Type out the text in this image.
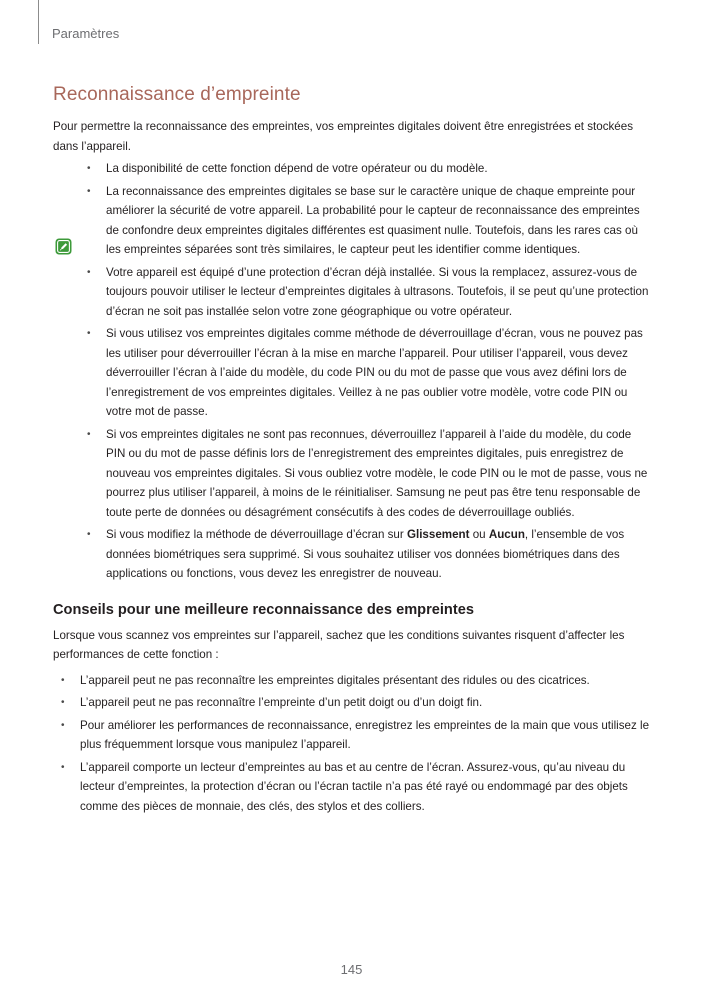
Paramètres
Reconnaissance d’empreinte

Pour permettre la reconnaissance des empreintes, vos empreintes digitales doivent être enregistrées et stockées dans l’appareil.

• La disponibilité de cette fonction dépend de votre opérateur ou du modèle.
• La reconnaissance des empreintes digitales se base sur le caractère unique de chaque empreinte pour améliorer la sécurité de votre appareil. La probabilité pour le capteur de reconnaissance des empreintes de confondre deux empreintes digitales différentes est quasiment nulle. Toutefois, dans les rares cas où les empreintes séparées sont très similaires, le capteur peut les identifier comme identiques.
• Votre appareil est équipé d’une protection d’écran déjà installée. Si vous la remplacez, assurez-vous de toujours pouvoir utiliser le lecteur d’empreintes digitales à ultrasons. Toutefois, il se peut qu’une protection d’écran ne soit pas installée selon votre zone géographique ou votre opérateur.
• Si vous utilisez vos empreintes digitales comme méthode de déverrouillage d’écran, vous ne pouvez pas les utiliser pour déverrouiller l’écran à la mise en marche l’appareil. Pour utiliser l’appareil, vous devez déverrouiller l’écran à l’aide du modèle, du code PIN ou du mot de passe que vous avez défini lors de l’enregistrement de vos empreintes digitales. Veillez à ne pas oublier votre modèle, votre code PIN ou votre mot de passe.
• Si vos empreintes digitales ne sont pas reconnues, déverrouillez l’appareil à l’aide du modèle, du code PIN ou du mot de passe définis lors de l’enregistrement des empreintes digitales, puis enregistrez de nouveau vos empreintes digitales. Si vous oubliez votre modèle, le code PIN ou le mot de passe, vous ne pourrez plus utiliser l’appareil, à moins de le réinitialiser. Samsung ne peut pas être tenu responsable de toute perte de données ou désagrément consécutifs à des codes de déverrouillage oubliés.
• Si vous modifiez la méthode de déverrouillage d’écran sur Glissement ou Aucun, l’ensemble de vos données biométriques sera supprimé. Si vous souhaitez utiliser vos données biométriques dans des applications ou fonctions, vous devez les enregistrer de nouveau.
Conseils pour une meilleure reconnaissance des empreintes

Lorsque vous scannez vos empreintes sur l’appareil, sachez que les conditions suivantes risquent d’affecter les performances de cette fonction :

• L’appareil peut ne pas reconnaître les empreintes digitales présentant des ridules ou des cicatrices.
• L’appareil peut ne pas reconnaître l’empreinte d’un petit doigt ou d’un doigt fin.
• Pour améliorer les performances de reconnaissance, enregistrez les empreintes de la main que vous utilisez le plus fréquemment lorsque vous manipulez l’appareil.
• L’appareil comporte un lecteur d’empreintes au bas et au centre de l’écran. Assurez-vous, qu’au niveau du lecteur d’empreintes, la protection d’écran ou l’écran tactile n’a pas été rayé ou endommagé par des objets comme des pièces de monnaie, des clés, des stylos et des colliers.
145
